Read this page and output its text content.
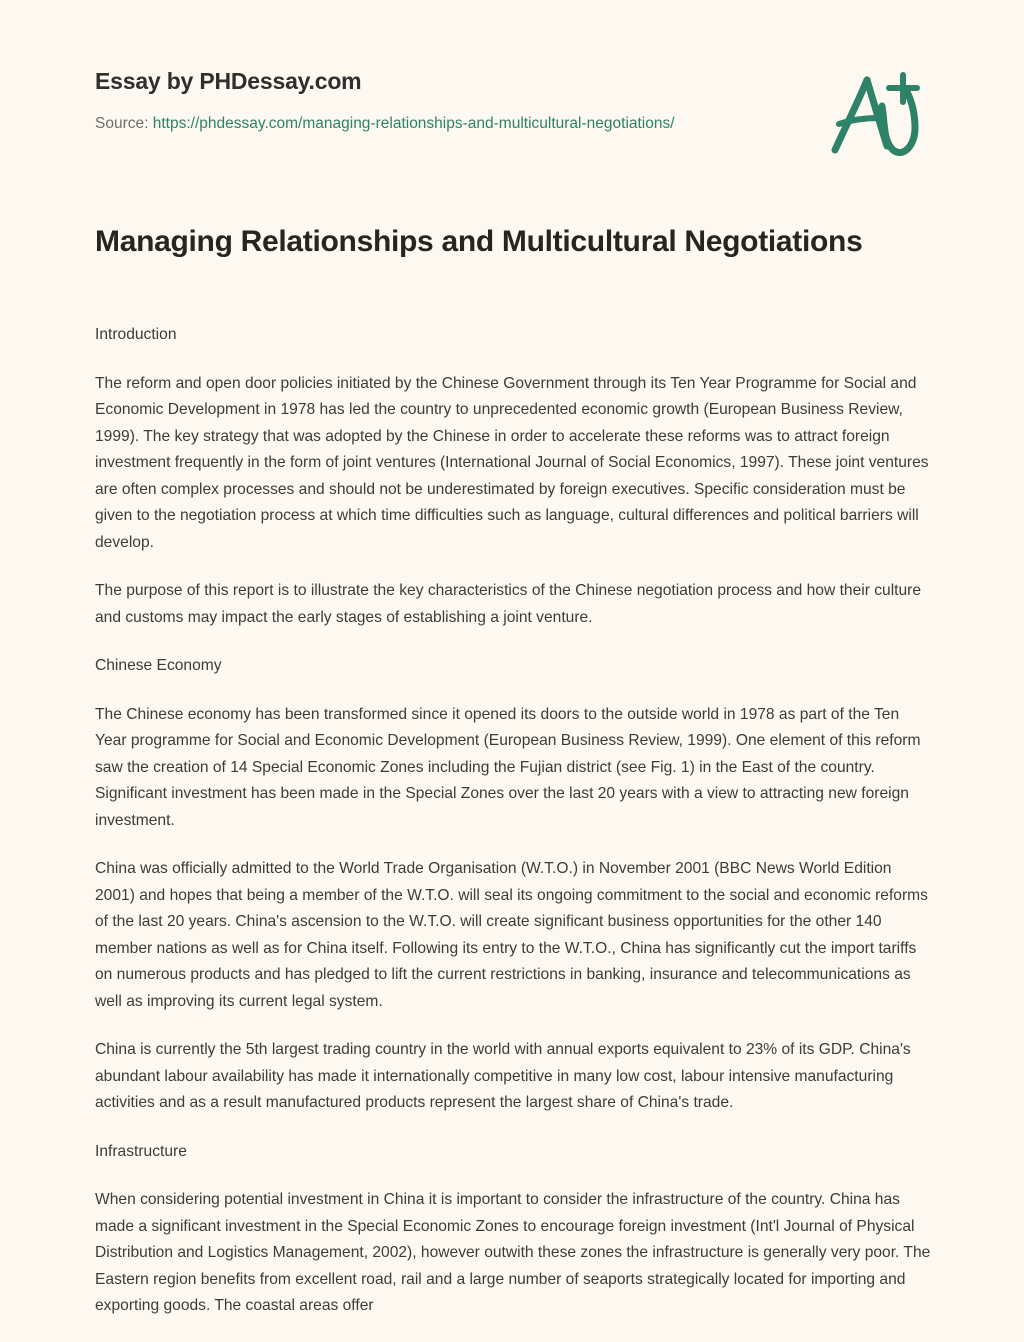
Essay by PHDessay.com
Source: https://phdessay.com/managing-relationships-and-multicultural-negotiations/
Managing Relationships and Multicultural Negotiations

Introduction

The reform and open door policies initiated by the Chinese Government through its Ten Year Programme for Social and Economic Development in 1978 has led the country to unprecedented economic growth (European Business Review, 1999). The key strategy that was adopted by the Chinese in order to accelerate these reforms was to attract foreign investment frequently in the form of joint ventures (International Journal of Social Economics, 1997). These joint ventures are often complex processes and should not be underestimated by foreign executives. Specific consideration must be given to the negotiation process at which time difficulties such as language, cultural differences and political barriers will develop.

The purpose of this report is to illustrate the key characteristics of the Chinese negotiation process and how their culture and customs may impact the early stages of establishing a joint venture.

Chinese Economy

The Chinese economy has been transformed since it opened its doors to the outside world in 1978 as part of the Ten Year programme for Social and Economic Development (European Business Review, 1999). One element of this reform saw the creation of 14 Special Economic Zones including the Fujian district (see Fig. 1) in the East of the country. Significant investment has been made in the Special Zones over the last 20 years with a view to attracting new foreign investment.

China was officially admitted to the World Trade Organisation (W.T.O.) in November 2001 (BBC News World Edition 2001) and hopes that being a member of the W.T.O. will seal its ongoing commitment to the social and economic reforms of the last 20 years. China's ascension to the W.T.O. will create significant business opportunities for the other 140 member nations as well as for China itself. Following its entry to the W.T.O., China has significantly cut the import tariffs on numerous products and has pledged to lift the current restrictions in banking, insurance and telecommunications as well as improving its current legal system.

China is currently the 5th largest trading country in the world with annual exports equivalent to 23% of its GDP. China's abundant labour availability has made it internationally competitive in many low cost, labour intensive manufacturing activities and as a result manufactured products represent the largest share of China's trade.

Infrastructure

When considering potential investment in China it is important to consider the infrastructure of the country. China has made a significant investment in the Special Economic Zones to encourage foreign investment (Int'l Journal of Physical Distribution and Logistics Management, 2002), however outwith these zones the infrastructure is generally very poor. The Eastern region benefits from excellent road, rail and a large number of seaports strategically located for importing and exporting goods. The coastal areas offer
